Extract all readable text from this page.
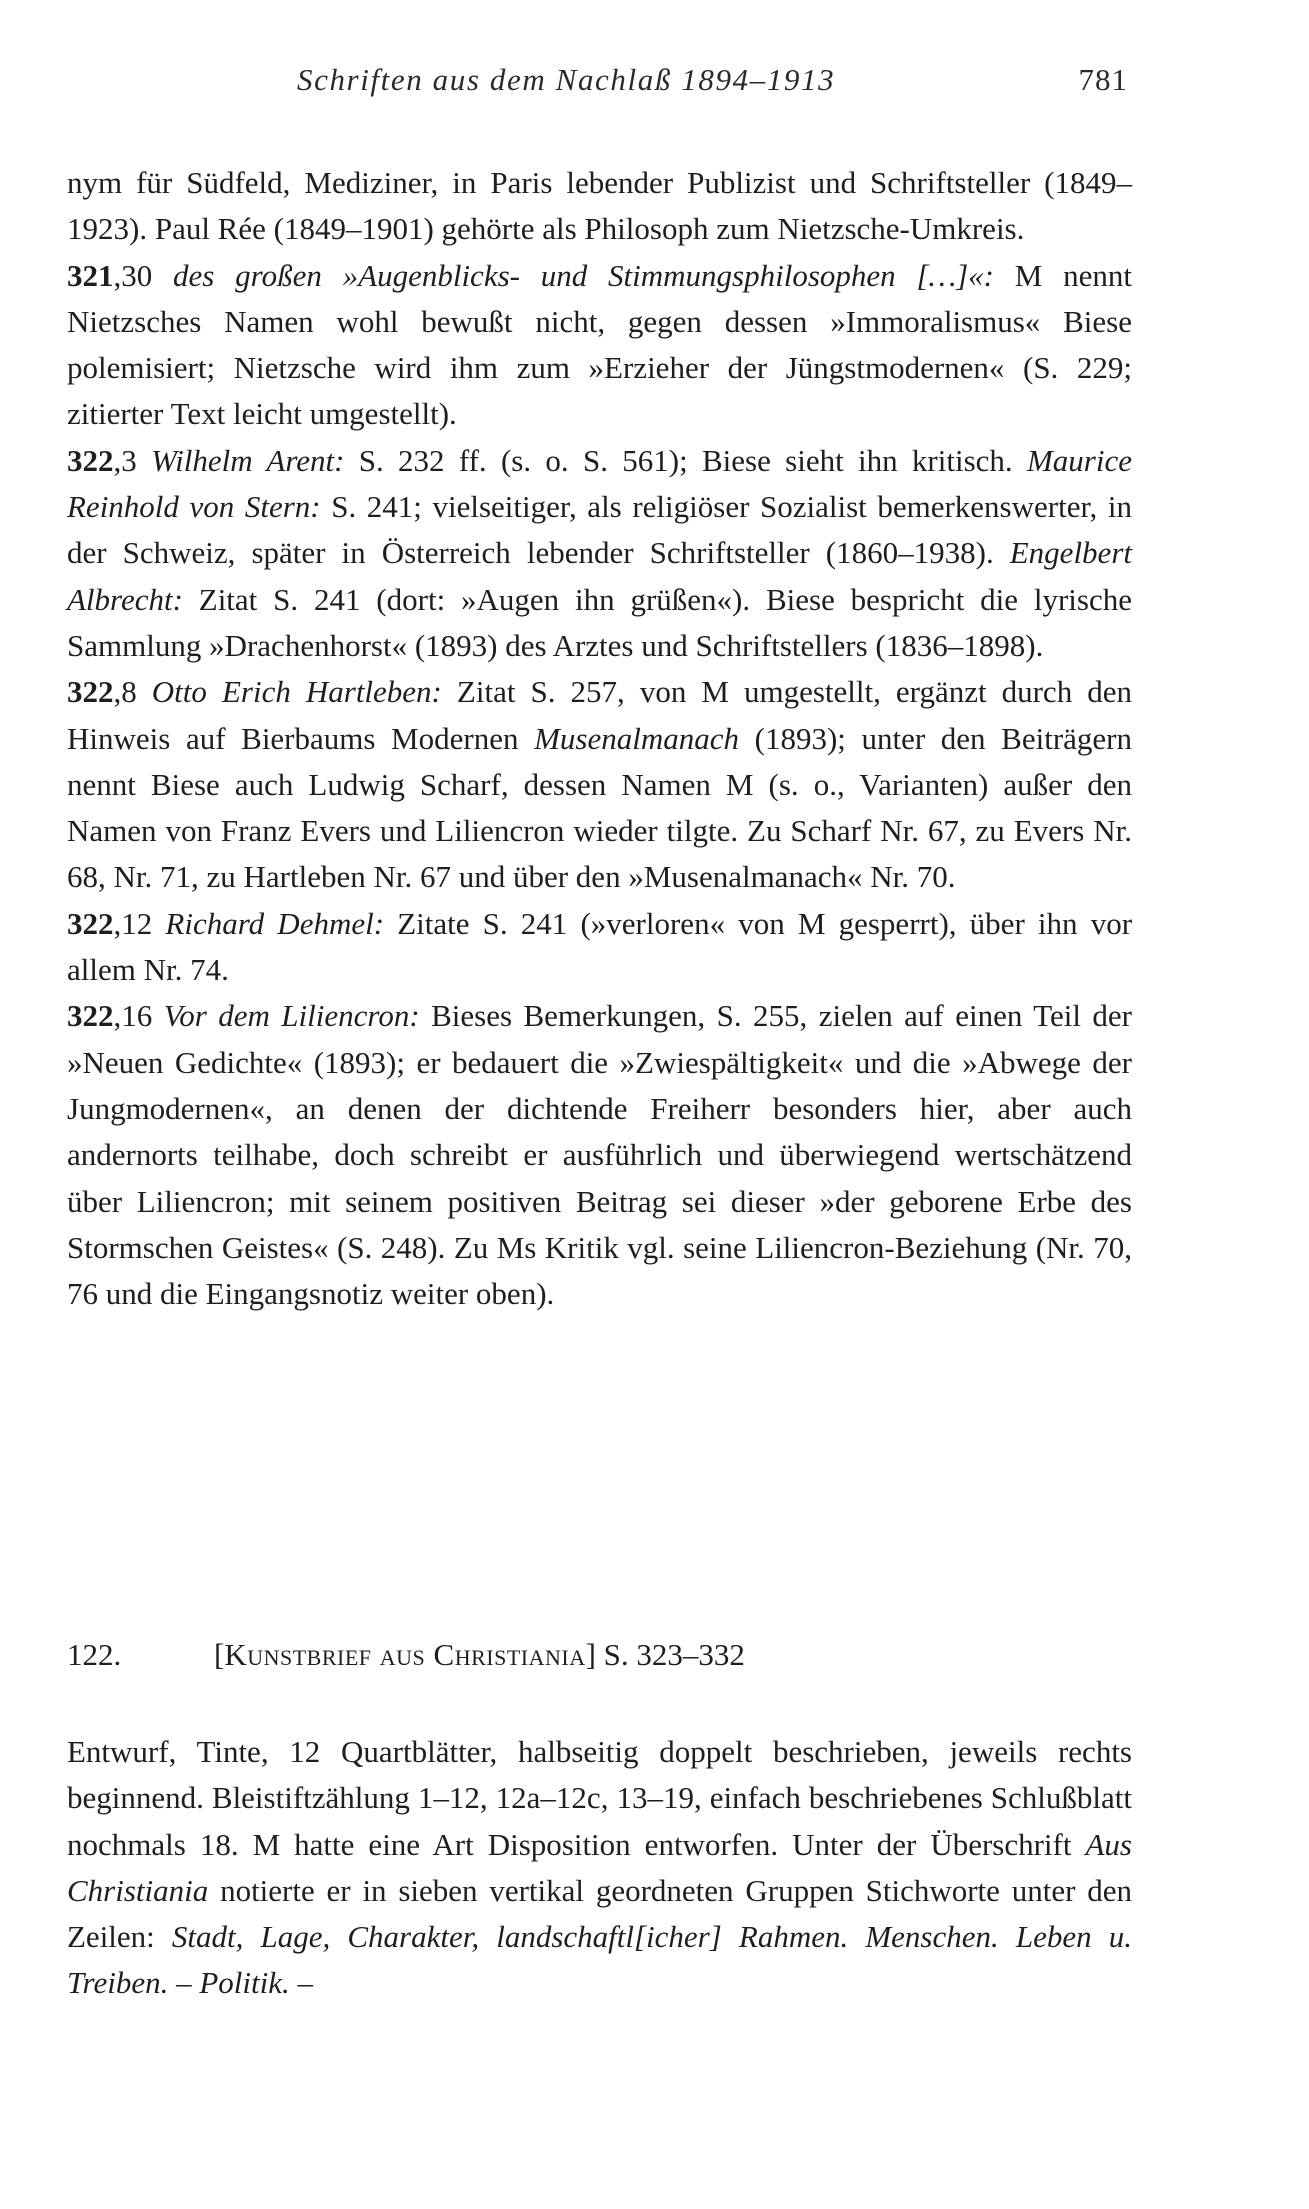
Schriften aus dem Nachlaß 1894–1913	781

nym für Südfeld, Mediziner, in Paris lebender Publizist und Schriftsteller (1849–1923). Paul Rée (1849–1901) gehörte als Philosoph zum Nietzsche-Umkreis.

321,30 des großen »Augenblicks- und Stimmungsphilosophen […]«: M nennt Nietzsches Namen wohl bewußt nicht, gegen dessen »Immoralismus« Biese polemisiert; Nietzsche wird ihm zum »Erzieher der Jüngstmodernen« (S. 229; zitierter Text leicht umgestellt).

322,3 Wilhelm Arent: S. 232 ff. (s. o. S. 561); Biese sieht ihn kritisch. Maurice Reinhold von Stern: S. 241; vielseitiger, als religiöser Sozialist bemerkenswerter, in der Schweiz, später in Österreich lebender Schriftsteller (1860–1938). Engelbert Albrecht: Zitat S. 241 (dort: »Augen ihn grüßen«). Biese bespricht die lyrische Sammlung »Drachenhorst« (1893) des Arztes und Schriftstellers (1836–1898).

322,8 Otto Erich Hartleben: Zitat S. 257, von M umgestellt, ergänzt durch den Hinweis auf Bierbaums Modernen Musenalmanach (1893); unter den Beiträgern nennt Biese auch Ludwig Scharf, dessen Namen M (s. o., Varianten) außer den Namen von Franz Evers und Liliencron wieder tilgte. Zu Scharf Nr. 67, zu Evers Nr. 68, Nr. 71, zu Hartleben Nr. 67 und über den »Musenalmanach« Nr. 70.

322,12 Richard Dehmel: Zitate S. 241 (»verloren« von M gesperrt), über ihn vor allem Nr. 74.

322,16 Vor dem Liliencron: Bieses Bemerkungen, S. 255, zielen auf einen Teil der »Neuen Gedichte« (1893); er bedauert die »Zwiespältigkeit« und die »Abwege der Jungmodernen«, an denen der dichtende Freiherr besonders hier, aber auch andernorts teilhabe, doch schreibt er ausführlich und überwiegend wertschätzend über Liliencron; mit seinem positiven Beitrag sei dieser »der geborene Erbe des Stormschen Geistes« (S. 248). Zu Ms Kritik vgl. seine Liliencron-Beziehung (Nr. 70, 76 und die Eingangsnotiz weiter oben).

122.	[Kunstbrief aus Christiania] S. 323–332

Entwurf, Tinte, 12 Quartblätter, halbseitig doppelt beschrieben, jeweils rechts beginnend. Bleistiftzählung 1–12, 12a–12c, 13–19, einfach beschriebenes Schlußblatt nochmals 18. M hatte eine Art Disposition entworfen. Unter der Überschrift Aus Christiania notierte er in sieben vertikal geordneten Gruppen Stichworte unter den Zeilen: Stadt, Lage, Charakter, landschaftl[icher] Rahmen. Menschen. Leben u. Treiben. – Politik. –
